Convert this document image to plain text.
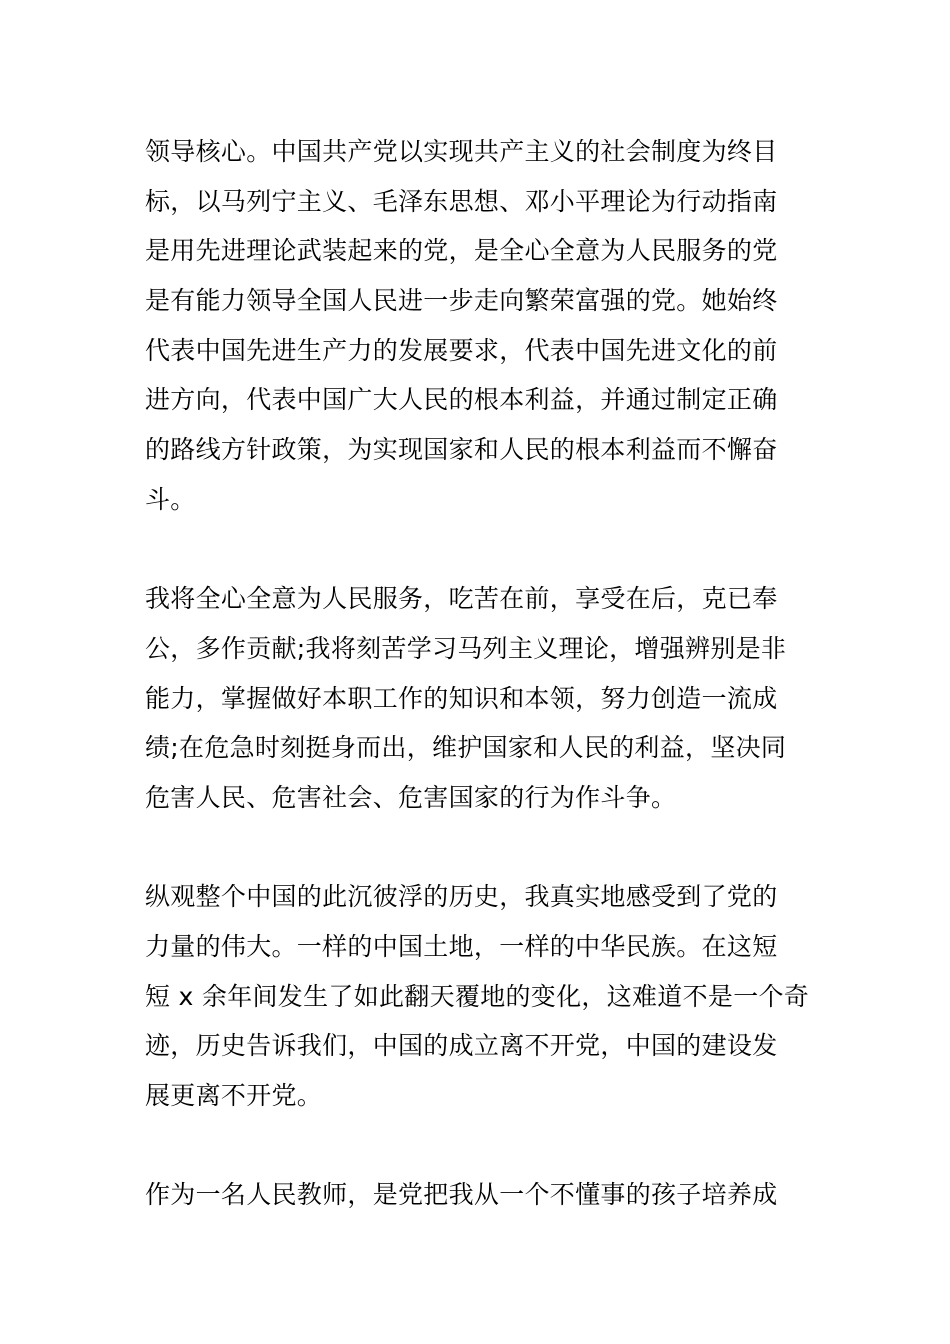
领导核心。中国共产党以实现共产主义的社会制度为终目
标，以马列宁主义、毛泽东思想、邓小平理论为行动指南
是用先进理论武装起来的党，是全心全意为人民服务的党
是有能力领导全国人民进一步走向繁荣富强的党。她始终
代表中国先进生产力的发展要求，代表中国先进文化的前
进方向，代表中国广大人民的根本利益，并通过制定正确
的路线方针政策，为实现国家和人民的根本利益而不懈奋
斗。
我将全心全意为人民服务，吃苦在前，享受在后，克已奉
公，多作贡献;我将刻苦学习马列主义理论，增强辨别是非
能力，掌握做好本职工作的知识和本领，努力创造一流成
绩;在危急时刻挺身而出，维护国家和人民的利益，坚决同
危害人民、危害社会、危害国家的行为作斗争。
纵观整个中国的此沉彼浮的历史，我真实地感受到了党的
力量的伟大。一样的中国土地，一样的中华民族。在这短
短 x 余年间发生了如此翻天覆地的变化，这难道不是一个奇
迹，历史告诉我们，中国的成立离不开党，中国的建设发
展更离不开党。
作为一名人民教师，是党把我从一个不懂事的孩子培养成
